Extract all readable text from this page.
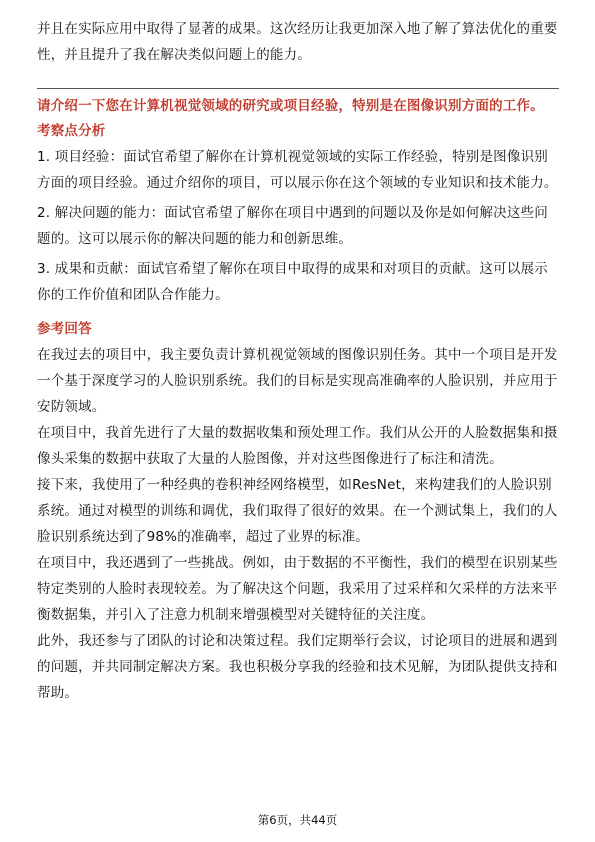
并且在实际应用中取得了显著的成果。这次经历让我更加深入地了解了算法优化的重要性，并且提升了我在解决类似问题上的能力。

请介绍一下您在计算机视觉领域的研究或项目经验，特别是在图像识别方面的工作。

考察点分析

1. 项目经验：面试官希望了解你在计算机视觉领域的实际工作经验，特别是图像识别方面的项目经验。通过介绍你的项目，可以展示你在这个领域的专业知识和技术能力。

2. 解决问题的能力：面试官希望了解你在项目中遇到的问题以及你是如何解决这些问题的。这可以展示你的解决问题的能力和创新思维。

3. 成果和贡献：面试官希望了解你在项目中取得的成果和对项目的贡献。这可以展示你的工作价值和团队合作能力。

参考回答

在我过去的项目中，我主要负责计算机视觉领域的图像识别任务。其中一个项目是开发一个基于深度学习的人脸识别系统。我们的目标是实现高准确率的人脸识别，并应用于安防领域。

在项目中，我首先进行了大量的数据收集和预处理工作。我们从公开的人脸数据集和摄像头采集的数据中获取了大量的人脸图像，并对这些图像进行了标注和清洗。

接下来，我使用了一种经典的卷积神经网络模型，如ResNet，来构建我们的人脸识别系统。通过对模型的训练和调优，我们取得了很好的效果。在一个测试集上，我们的人脸识别系统达到了98%的准确率，超过了业界的标准。

在项目中，我还遇到了一些挑战。例如，由于数据的不平衡性，我们的模型在识别某些特定类别的人脸时表现较差。为了解决这个问题，我采用了过采样和欠采样的方法来平衡数据集，并引入了注意力机制来增强模型对关键特征的关注度。

此外，我还参与了团队的讨论和决策过程。我们定期举行会议，讨论项目的进展和遇到的问题，并共同制定解决方案。我也积极分享我的经验和技术见解，为团队提供支持和帮助。

第6页，共44页
